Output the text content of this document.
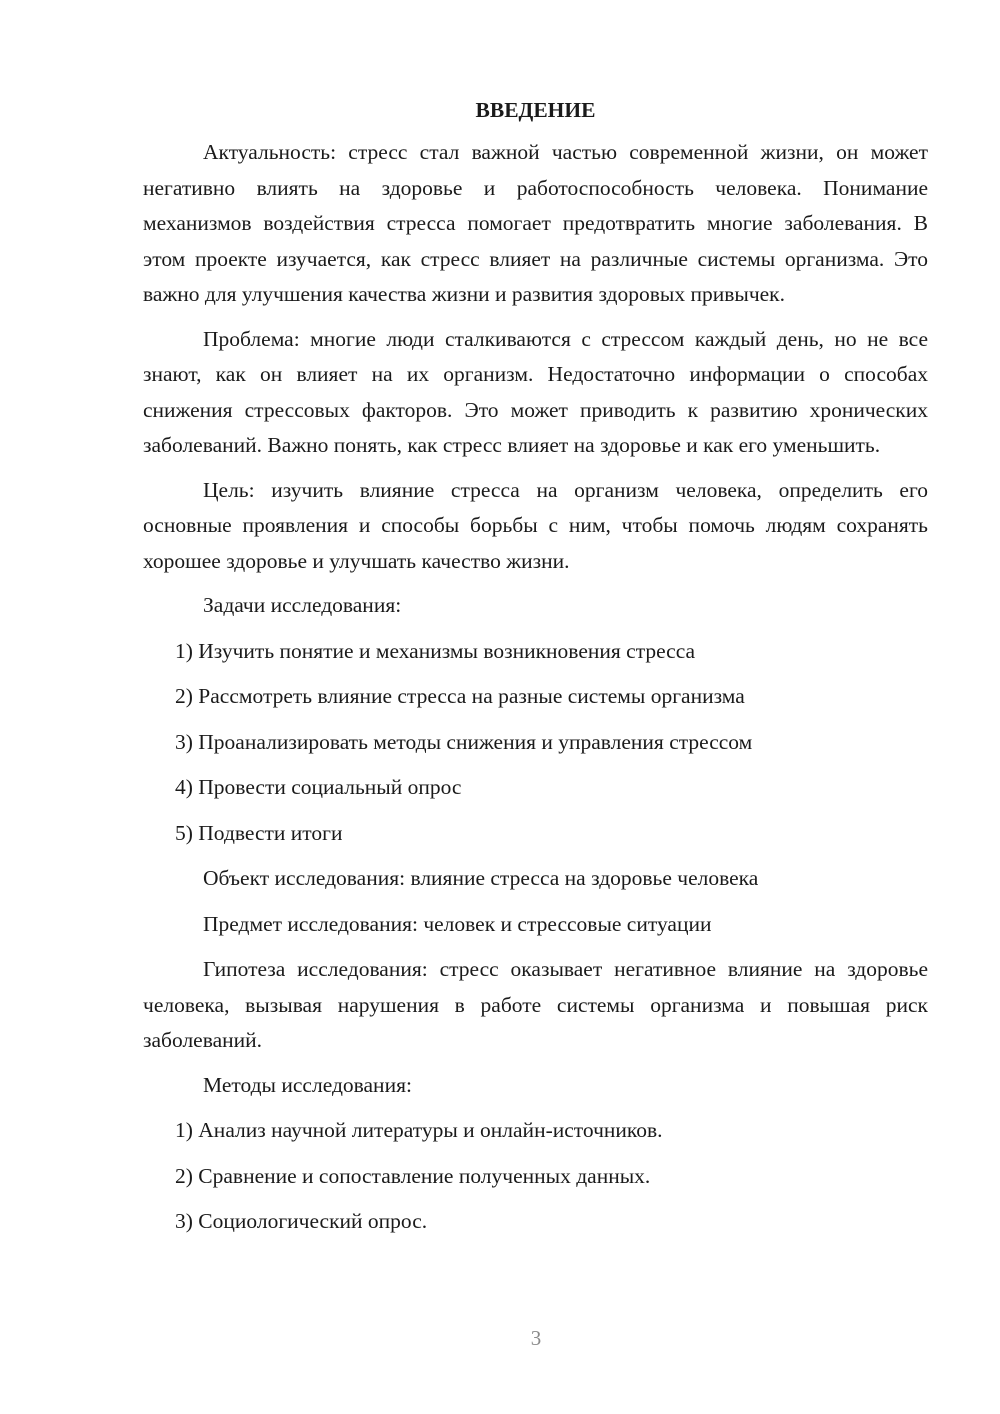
ВВЕДЕНИЕ
Актуальность: стресс стал важной частью современной жизни, он может негативно влиять на здоровье и работоспособность человека. Понимание механизмов воздействия стресса помогает предотвратить многие заболевания. В этом проекте изучается, как стресс влияет на различные системы организма. Это важно для улучшения качества жизни и развития здоровых привычек.
Проблема: многие люди сталкиваются с стрессом каждый день, но не все знают, как он влияет на их организм. Недостаточно информации о способах снижения стрессовых факторов. Это может приводить к развитию хронических заболеваний. Важно понять, как стресс влияет на здоровье и как его уменьшить.
Цель: изучить влияние стресса на организм человека, определить его основные проявления и способы борьбы с ним, чтобы помочь людям сохранять хорошее здоровье и улучшать качество жизни.
Задачи исследования:
1) Изучить понятие и механизмы возникновения стресса
2) Рассмотреть влияние стресса на разные системы организма
3) Проанализировать методы снижения и управления стрессом
4) Провести социальный опрос
5) Подвести итоги
Объект исследования: влияние стресса на здоровье человека
Предмет исследования: человек и стрессовые ситуации
Гипотеза исследования: стресс оказывает негативное влияние на здоровье человека, вызывая нарушения в работе системы организма и повышая риск заболеваний.
Методы исследования:
1) Анализ научной литературы и онлайн-источников.
2) Сравнение и сопоставление полученных данных.
3) Социологический опрос.
3
